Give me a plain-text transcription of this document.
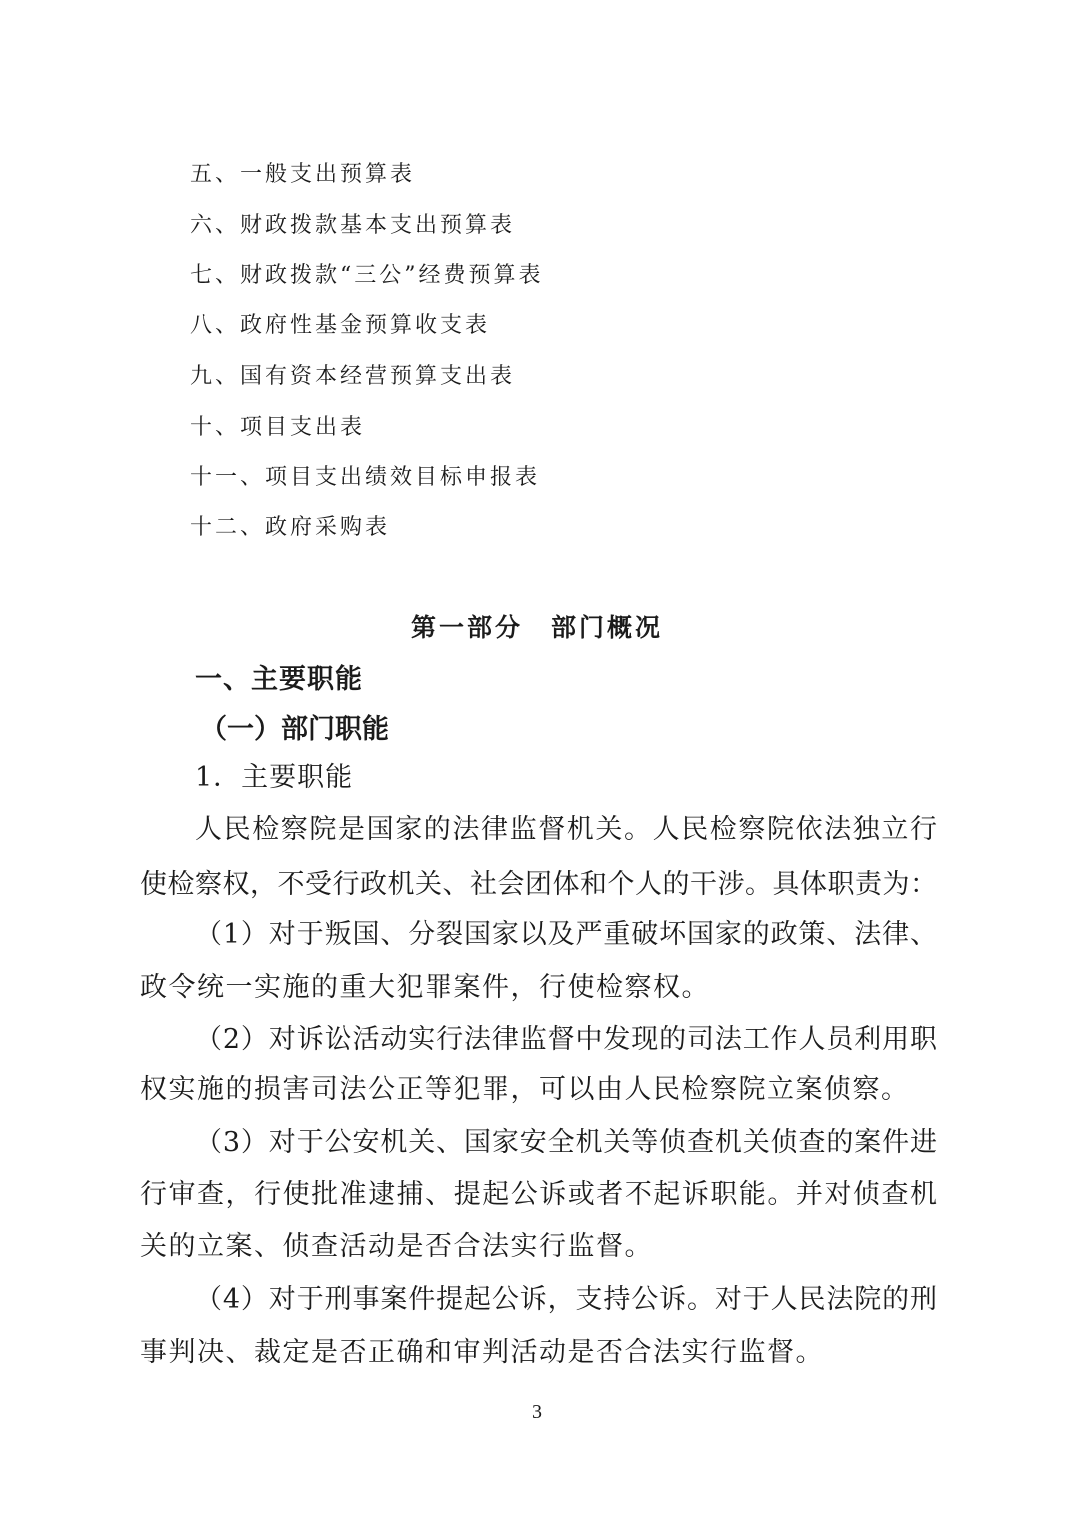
五、一般支出预算表
六、财政拨款基本支出预算表
七、财政拨款“三公”经费预算表
八、政府性基金预算收支表
九、国有资本经营预算支出表
十、项目支出表
十一、项目支出绩效目标申报表
十二、政府采购表
第一部分　部门概况
一、主要职能
（一）部门职能
1．主要职能
人民检察院是国家的法律监督机关。人民检察院依法独立行
使检察权，不受行政机关、社会团体和个人的干涉。具体职责为：
（1）对于叛国、分裂国家以及严重破坏国家的政策、法律、
政令统一实施的重大犯罪案件，行使检察权。
（2）对诉讼活动实行法律监督中发现的司法工作人员利用职
权实施的损害司法公正等犯罪，可以由人民检察院立案侦察。
（3）对于公安机关、国家安全机关等侦查机关侦查的案件进
行审查，行使批准逮捕、提起公诉或者不起诉职能。并对侦查机
关的立案、侦查活动是否合法实行监督。
（4）对于刑事案件提起公诉，支持公诉。对于人民法院的刑
事判决、裁定是否正确和审判活动是否合法实行监督。
3
